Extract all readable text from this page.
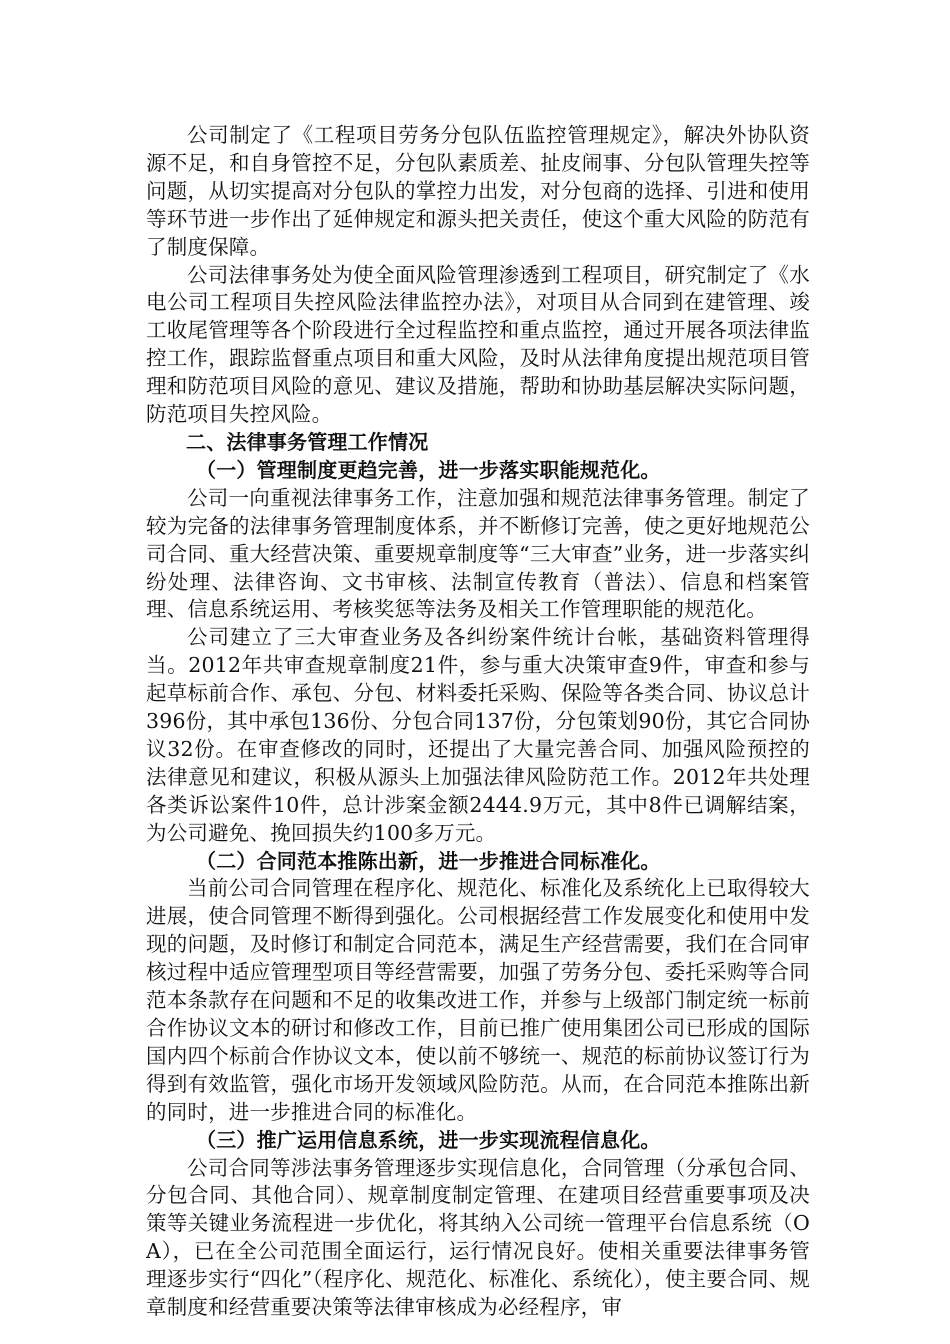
公司制定了《工程项目劳务分包队伍监控管理规定》，解决外协队资源不足，和自身管控不足，分包队素质差、扯皮闹事、分包队管理失控等问题，从切实提高对分包队的掌控力出发，对分包商的选择、引进和使用等环节进一步作出了延伸规定和源头把关责任，使这个重大风险的防范有了制度保障。

公司法律事务处为使全面风险管理渗透到工程项目，研究制定了《水电公司工程项目失控风险法律监控办法》，对项目从合同到在建管理、竣工收尾管理等各个阶段进行全过程监控和重点监控，通过开展各项法律监控工作，跟踪监督重点项目和重大风险，及时从法律角度提出规范项目管理和防范项目风险的意见、建议及措施，帮助和协助基层解决实际问题，防范项目失控风险。

二、法律事务管理工作情况

（一）管理制度更趋完善，进一步落实职能规范化。

公司一向重视法律事务工作，注意加强和规范法律事务管理。制定了较为完备的法律事务管理制度体系，并不断修订完善，使之更好地规范公司合同、重大经营决策、重要规章制度等“三大审查”业务，进一步落实纠纷处理、法律咨询、文书审核、法制宣传教育（普法）、信息和档案管理、信息系统运用、考核奖惩等法务及相关工作管理职能的规范化。

公司建立了三大审查业务及各纠纷案件统计台帐，基础资料管理得当。2012年共审查规章制度21件，参与重大决策审查9件，审查和参与起草标前合作、承包、分包、材料委托采购、保险等各类合同、协议总计396份，其中承包136份、分包合同137份，分包策划90份，其它合同协议32份。在审查修改的同时，还提出了大量完善合同、加强风险预控的法律意见和建议，积极从源头上加强法律风险防范工作。2012年共处理各类诉讼案件10件，总计涉案金额2444.9万元，其中8件已调解结案，为公司避免、挽回损失约100多万元。

（二）合同范本推陈出新，进一步推进合同标准化。

当前公司合同管理在程序化、规范化、标准化及系统化上已取得较大进展，使合同管理不断得到强化。公司根据经营工作发展变化和使用中发现的问题，及时修订和制定合同范本，满足生产经营需要，我们在合同审核过程中适应管理型项目等经营需要，加强了劳务分包、委托采购等合同范本条款存在问题和不足的收集改进工作，并参与上级部门制定统一标前合作协议文本的研讨和修改工作，目前已推广使用集团公司已形成的国际国内四个标前合作协议文本，使以前不够统一、规范的标前协议签订行为得到有效监管，强化市场开发领域风险防范。从而，在合同范本推陈出新的同时，进一步推进合同的标准化。

（三）推广运用信息系统，进一步实现流程信息化。

公司合同等涉法事务管理逐步实现信息化，合同管理（分承包合同、分包合同、其他合同）、规章制度制定管理、在建项目经营重要事项及决策等关键业务流程进一步优化，将其纳入公司统一管理平台信息系统（OA），已在全公司范围全面运行，运行情况良好。使相关重要法律事务管理逐步实行“四化”（程序化、规范化、标准化、系统化），使主要合同、规章制度和经营重要决策等法律审核成为必经程序，审
